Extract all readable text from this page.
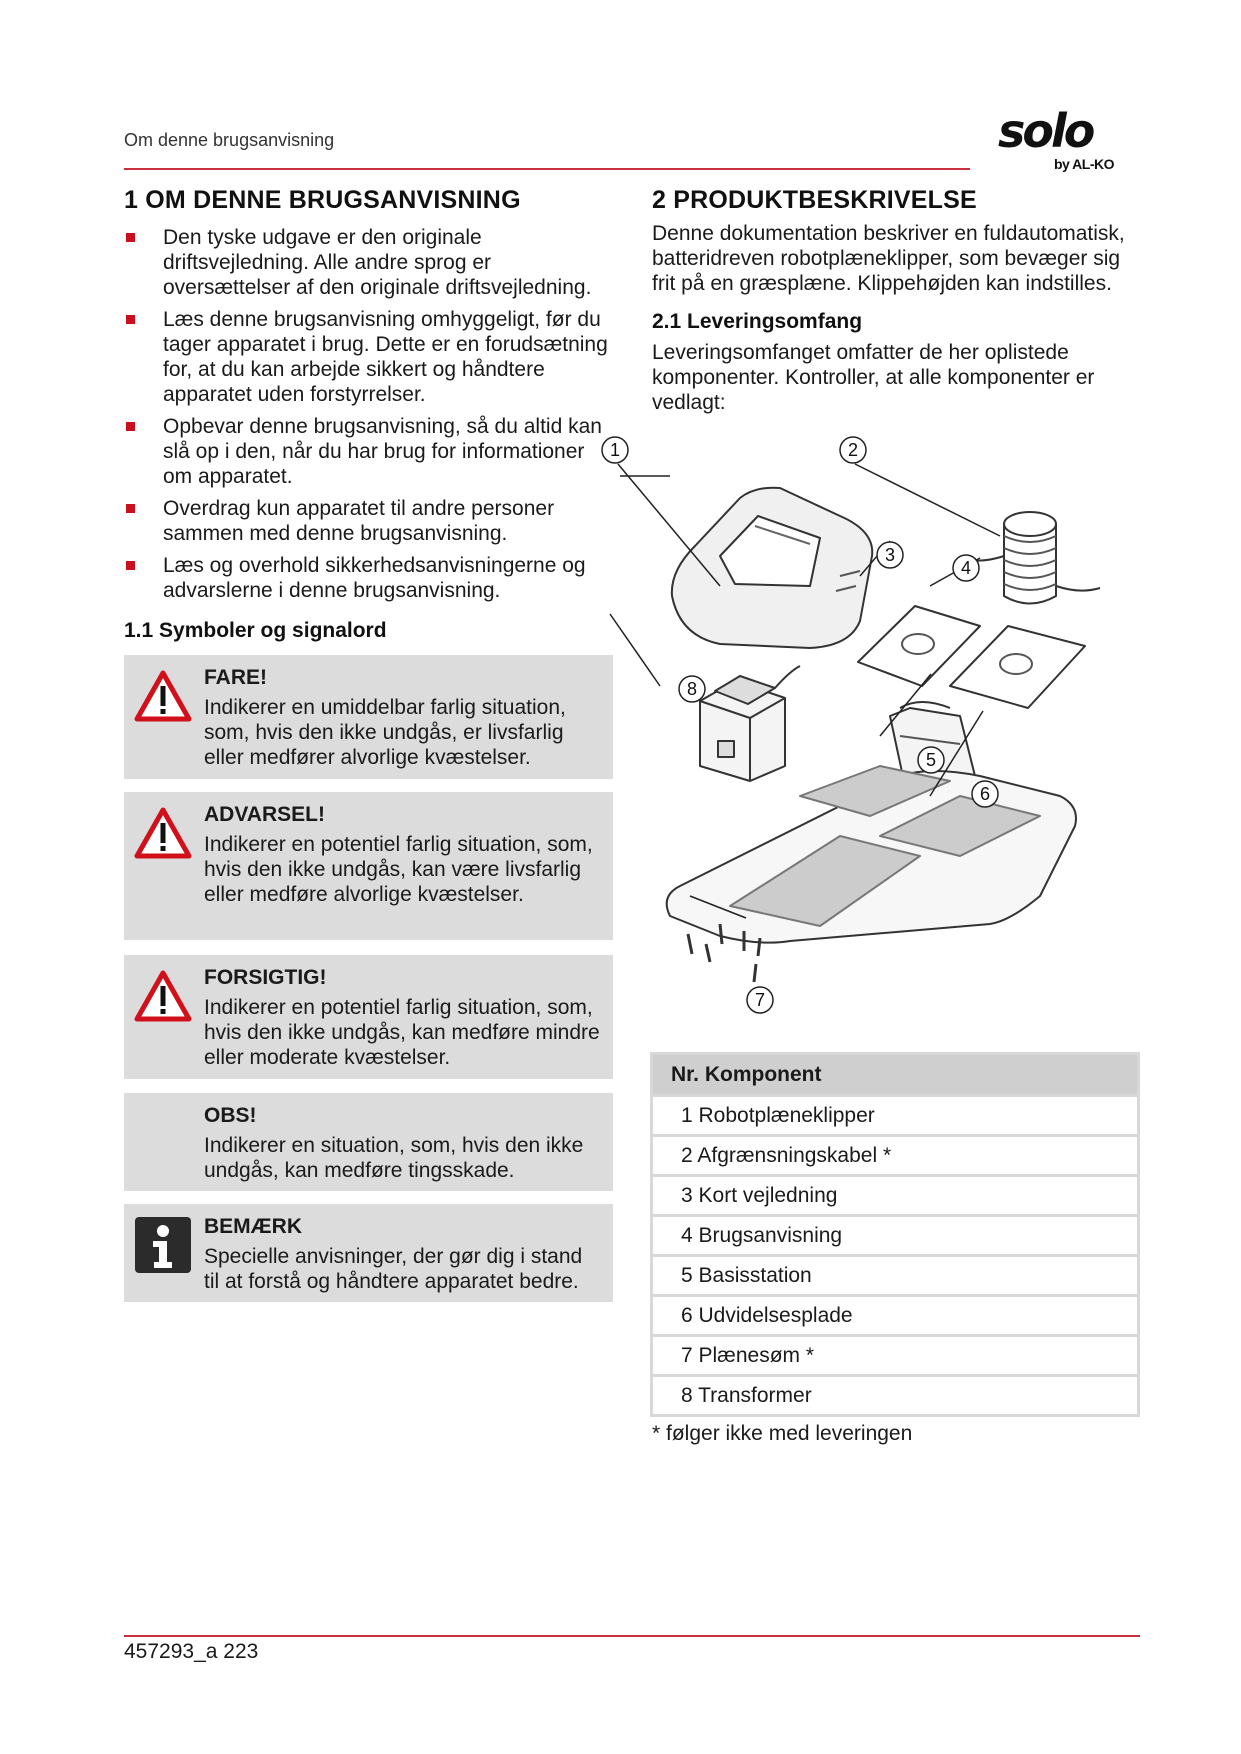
Om denne brugsanvisning	solo
by AL-KO
1 OM DENNE BRUGSANVISNING
Den tyske udgave er den originale driftsvejledning. Alle andre sprog er oversættelser af den originale driftsvejledning.
Læs denne brugsanvisning omhyggeligt, før du tager apparatet i brug. Dette er en forudsætning for, at du kan arbejde sikkert og håndtere apparatet uden forstyrrelser.
Opbevar denne brugsanvisning, så du altid kan slå op i den, når du har brug for informationer om apparatet.
Overdrag kun apparatet til andre personer sammen med denne brugsanvisning.
Læs og overhold sikkerhedsanvisningerne og advarslerne i denne brugsanvisning.
1.1 Symboler og signalord
FARE!
Indikerer en umiddelbar farlig situation, som, hvis den ikke undgås, er livsfarlig eller medfører alvorlige kvæstelser.
ADVARSEL!
Indikerer en potentiel farlig situation, som, hvis den ikke undgås, kan være livsfarlig eller medføre alvorlige kvæstelser.
FORSIGTIG!
Indikerer en potentiel farlig situation, som, hvis den ikke undgås, kan medføre mindre eller moderate kvæstelser.
OBS!
Indikerer en situation, som, hvis den ikke undgås, kan medføre tingsskade.
BEMÆRK
Specielle anvisninger, der gør dig i stand til at forstå og håndtere apparatet bedre.
2 PRODUKTBESKRIVELSE

Denne dokumentation beskriver en fuldautomatisk, batteridreven robotplæneklipper, som bevæger sig frit på en græsplæne. Klippehøjden kan indstilles.

2.1 Leveringsomfang

Leveringsomfanget omfatter de her oplistede komponenter. Kontroller, at alle komponenter er vedlagt:

1	2
3
4
5
6
7
8
Nr. Komponent
1 Robotplæneklipper
2 Afgrænsningskabel *
3 Kort vejledning
4 Brugsanvisning
5 Basisstation
6 Udvidelsesplade
7 Plænesøm *
8 Transformer
* følger ikke med leveringen
457293_a 223
